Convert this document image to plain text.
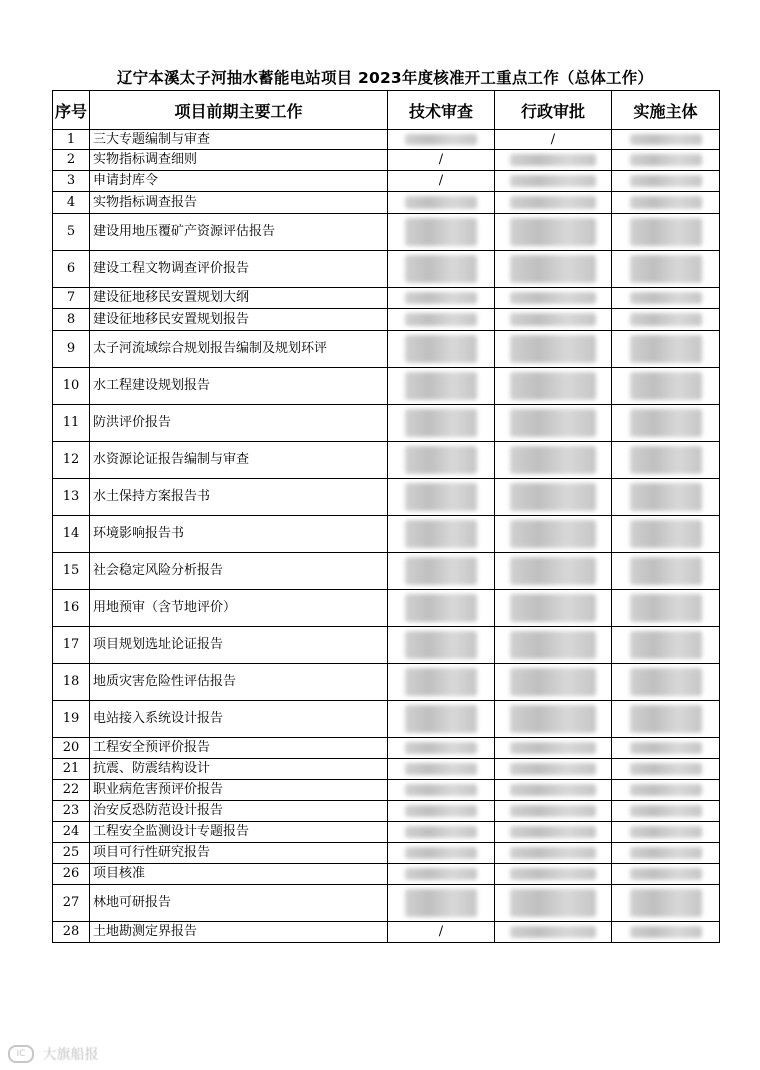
辽宁本溪太子河抽水蓄能电站项目 2023年度核准开工重点工作（总体工作）
序号	项目前期主要工作	技术审查	行政审批	实施主体
1	三大专题编制与审查		/	

2	实物指标调查细则	/	

3	申请封库令	/	

4	实物指标调查报告	

5	建设用地压覆矿产资源评估报告	

6	建设工程文物调查评价报告	

7	建设征地移民安置规划大纲	

8	建设征地移民安置规划报告	

9	太子河流域综合规划报告编制及规划环评	

10	水工程建设规划报告	

11	防洪评价报告	

12	水资源论证报告编制与审查	

13	水土保持方案报告书	

14	环境影响报告书	

15	社会稳定风险分析报告	

16	用地预审（含节地评价）	

17	项目规划选址论证报告	

18	地质灾害危险性评估报告	

19	电站接入系统设计报告	

20	工程安全预评价报告	

21	抗震、防震结构设计	

22	职业病危害预评价报告	

23	治安反恐防范设计报告	

24	工程安全监测设计专题报告	

25	项目可行性研究报告	

26	项目核准	

27	林地可研报告	

28	土地勘测定界报告	/	

IC 大旗船报
